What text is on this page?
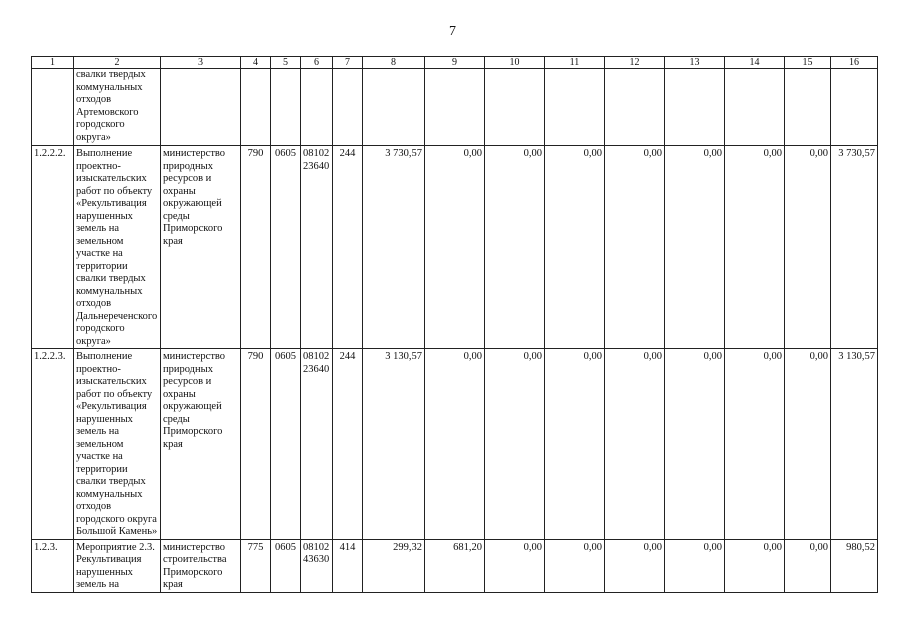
7
1	2	3	4	5	6	7	8	9	10	11	12	13	14	15	16
	свалки твердых коммунальных отходов Артемовского городского округа»														
1.2.2.2.	Выполнение проектно-изыскательских работ по объекту «Рекультивация нарушенных земель на земельном участке на территории свалки твердых коммунальных отходов Дальнереченского городского округа»	министерство природных ресурсов и охраны окружающей среды Приморского края	790	0605	08102 23640	244	3 730,57	0,00	0,00	0,00	0,00	0,00	0,00	0,00	3 730,57
1.2.2.3.	Выполнение проектно-изыскательских работ по объекту «Рекультивация нарушенных земель на земельном участке на территории свалки твердых коммунальных отходов городского округа Большой Камень»	министерство природных ресурсов и охраны окружающей среды Приморского края	790	0605	08102 23640	244	3 130,57	0,00	0,00	0,00	0,00	0,00	0,00	0,00	3 130,57
1.2.3.	Мероприятие 2.3. Рекультивация нарушенных земель на	министерство строительства Приморского края	775	0605	08102 43630	414	299,32	681,20	0,00	0,00	0,00	0,00	0,00	0,00	980,52
